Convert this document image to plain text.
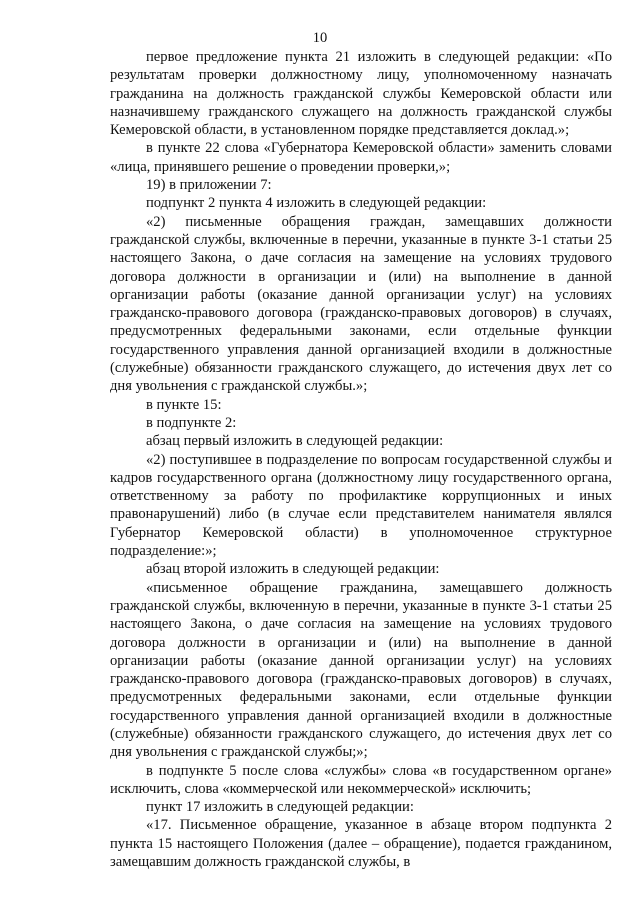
10

первое предложение пункта 21 изложить в следующей редакции: «По результатам проверки должностному лицу, уполномоченному назначать гражданина на должность гражданской службы Кемеровской области или назначившему гражданского служащего на должность гражданской службы Кемеровской области, в установленном порядке представляется доклад.»;

в пункте 22 слова «Губернатора Кемеровской области» заменить словами «лица, принявшего решение о проведении проверки,»;

19) в приложении 7:

подпункт 2 пункта 4 изложить в следующей редакции:

«2) письменные обращения граждан, замещавших должности гражданской службы, включенные в перечни, указанные в пункте 3-1 статьи 25 настоящего Закона, о даче согласия на замещение на условиях трудового договора должности в организации и (или) на выполнение в данной организации работы (оказание данной организации услуг) на условиях гражданско-правового договора (гражданско-правовых договоров) в случаях, предусмотренных федеральными законами, если отдельные функции государственного управления данной организацией входили в должностные (служебные) обязанности гражданского служащего, до истечения двух лет со дня увольнения с гражданской службы.»;

в пункте 15:

в подпункте 2:

абзац первый изложить в следующей редакции:

«2) поступившее в подразделение по вопросам государственной службы и кадров государственного органа (должностному лицу государственного органа, ответственному за работу по профилактике коррупционных и иных правонарушений) либо (в случае если представителем нанимателя являлся Губернатор Кемеровской области) в уполномоченное структурное подразделение:»;

абзац второй изложить в следующей редакции:

«письменное обращение гражданина, замещавшего должность гражданской службы, включенную в перечни, указанные в пункте 3-1 статьи 25 настоящего Закона, о даче согласия на замещение на условиях трудового договора должности в организации и (или) на выполнение в данной организации работы (оказание данной организации услуг) на условиях гражданско-правового договора (гражданско-правовых договоров) в случаях, предусмотренных федеральными законами, если отдельные функции государственного управления данной организацией входили в должностные (служебные) обязанности гражданского служащего, до истечения двух лет со дня увольнения с гражданской службы;»;

в подпункте 5 после слова «службы» слова «в государственном органе» исключить, слова «коммерческой или некоммерческой» исключить;

пункт 17 изложить в следующей редакции:

«17. Письменное обращение, указанное в абзаце втором подпункта 2 пункта 15 настоящего Положения (далее – обращение), подается гражданином, замещавшим должность гражданской службы, в
